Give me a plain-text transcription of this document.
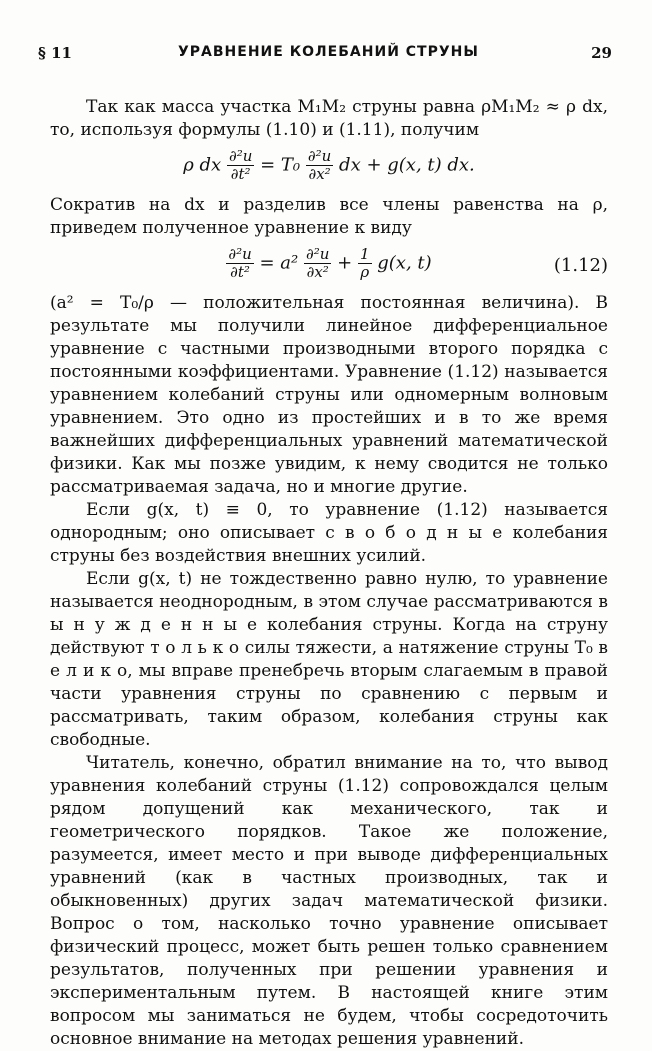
§ 11	УРАВНЕНИЕ КОЛЕБАНИЙ СТРУНЫ	29

Так как масса участка M₁M₂ струны равна ρM₁M₂ ≈ ρ dx, то, используя формулы (1.10) и (1.11), получим

ρ dx $\frac{\text{∂²u}}{\text{∂t²}} = T_0 \frac{\text{∂²u}}{\text{∂x²}}$ dx + g(x, t) dx.

Сократив на dx и разделив все члены равенства на ρ, приведем полученное уравнение к виду

$\frac{\text{∂²u}}{\text{∂t²}} = a^2 \frac{\text{∂²u}}{\text{∂x²}} + \frac{1}{\rho} g(x$, t)	(1.12)

(a² = T₀/ρ — положительная постоянная величина). В результате мы получили линейное дифференциальное уравнение с частными производными второго порядка с постоянными коэффициентами. Уравнение (1.12) называется уравнением колебаний струны или одномерным волновым уравнением. Это одно из простейших и в то же время важнейших дифференциальных уравнений математической физики. Как мы позже увидим, к нему сводится не только рассматриваемая задача, но и многие другие.

Если g(x, t) ≡ 0, то уравнение (1.12) называется однородным; оно описывает с в о б о д н ы е колебания струны без воздействия внешних усилий.

Если g(x, t) не тождественно равно нулю, то уравнение называется неоднородным, в этом случае рассматриваются в ы н у ж д е н н ы е колебания струны. Когда на струну действуют т о л ь к о силы тяжести, а натяжение струны T₀ в е л и к о, мы вправе пренебречь вторым слагаемым в правой части уравнения струны по сравнению с первым и рассматривать, таким образом, колебания струны как свободные.

Читатель, конечно, обратил внимание на то, что вывод уравнения колебаний струны (1.12) сопровождался целым рядом допущений как механического, так и геометрического порядков. Такое же положение, разумеется, имеет место и при выводе дифференциальных уравнений (как в частных производных, так и обыкновенных) других задач математической физики. Вопрос о том, насколько точно уравнение описывает физический процесс, может быть решен только сравнением результатов, полученных при решении уравнения и экспериментальным путем. В настоящей книге этим вопросом мы заниматься не будем, чтобы сосредоточить основное внимание на методах решения уравнений.
